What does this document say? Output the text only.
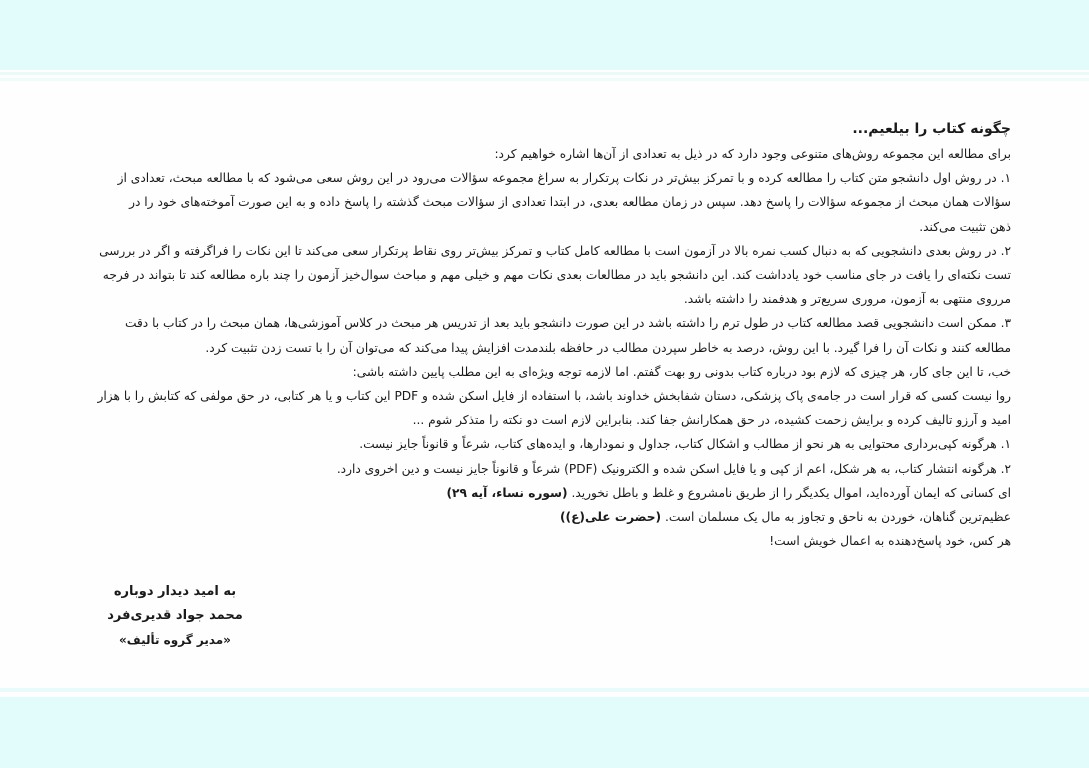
چگونه کتاب را بیلعیم...

برای مطالعه این مجموعه روش‌های متنوعی وجود دارد که در ذیل به تعدادی از آن‌ها اشاره خواهیم کرد:

۱. در روش اول دانشجو متن کتاب را مطالعه کرده و با تمرکز بیش‌تر در نکات پرتکرار به سراغ مجموعه سؤالات می‌رود در این روش سعی می‌شود که با مطالعه مبحث، تعدادی از
سؤالات همان مبحث از مجموعه سؤالات را پاسخ دهد. سپس در زمان مطالعه بعدی، در ابتدا تعدادی از سؤالات مبحث گذشته را پاسخ داده و به این صورت آموخته‌های خود را در
ذهن تثبیت می‌کند.

۲. در روش بعدی دانشجویی که به دنبال کسب نمره بالا در آزمون است با مطالعه کامل کتاب و تمرکز بیش‌تر روی نقاط پرتکرار سعی می‌کند تا این نکات را فراگرفته و اگر در بررسی
تست نکته‌ای را یافت در جای مناسب خود یادداشت کند. این دانشجو باید در مطالعات بعدی نکات مهم و خیلی مهم و مباحث سوال‌خیز آزمون را چند باره مطالعه کند تا بتواند در فرجه
مرروی منتهی به آزمون، مروری سریع‌تر و هدفمند را داشته باشد.

۳. ممکن است دانشجویی قصد مطالعه کتاب در طول ترم را داشته باشد در این صورت دانشجو باید بعد از تدریس هر مبحث در کلاس آموزشی‌ها، همان مبحث را در کتاب با دقت
مطالعه کنند و نکات آن را فرا گیرد. با این روش، درصد به خاطر سپردن مطالب در حافظه بلندمدت افزایش پیدا می‌کند که می‌توان آن را با تست زدن تثبیت کرد.

خب، تا این جای کار، هر چیزی که لازم بود درباره کتاب بدونی رو بهت گفتم. اما لازمه توجه ویژه‌ای به این مطلب پایین داشته باشی:
روا نیست کسی که قرار است در جامه‌ی پاک پزشکی، دستان شفابخش خداوند باشد، با استفاده از فایل اسکن شده و PDF این کتاب و یا هر کتابی، در حق مولفی که کتابش را با هزار
امید و آرزو تالیف کرده و برایش زحمت کشیده، در حق همکارانش جفا کند. بنابراین لازم است دو نکته را متذکر شوم ...

۱. هرگونه کپی‌برداری محتوایی به هر نحو از مطالب و اشکال کتاب، جداول و نمودارها، و ایده‌های کتاب، شرعاً و قانوناً جایز نیست.
۲. هرگونه انتشار کتاب، به هر شکل، اعم از کپی و یا فایل اسکن شده و الکترونیک (PDF) شرعاً و قانوناً جایز نیست و دین اخروی دارد.

ای کسانی که ایمان آورده‌اید، اموال یکدیگر را از طریق نامشروع و غلط و باطل نخورید. (سوره نساء، آیه ۲۹)
عظیم‌ترین گناهان، خوردن به ناحق و تجاوز به مال یک مسلمان است. (حضرت علی(ع))
هر کس، خود پاسخ‌دهنده به اعمال خویش است!

به امید دیدار دوباره
محمد جواد قدیری‌فرد
«مدیر گروه تألیف»
